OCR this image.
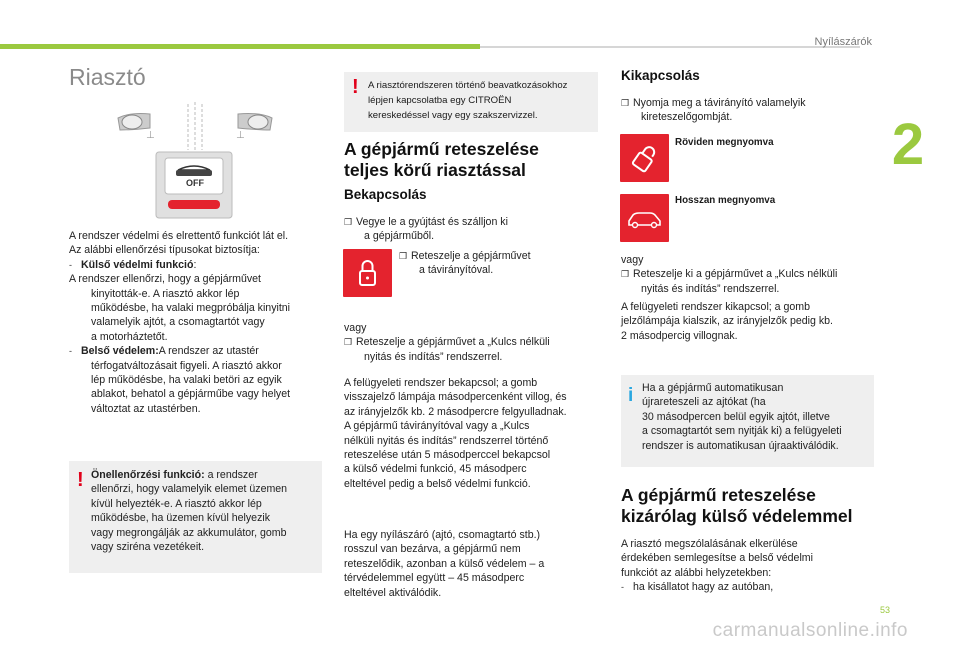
Nyílászárók
2
Riasztó
⊥	⊥
OFF
A rendszer védelmi és elrettentő funkciót lát el.
Az alábbi ellenőrzési típusokat biztosítja:
- Külső védelmi funkció:
A rendszer ellenőrzi, hogy a gépjárművet
kinyitották-e. A riasztó akkor lép
működésbe, ha valaki megpróbálja kinyitni
valamelyik ajtót, a csomagtartót vagy
a motorháztetőt.
- Belső védelem:A rendszer az utastér
térfogatváltozásait figyeli. A riasztó akkor
lép működésbe, ha valaki betöri az egyik
ablakot, behatol a gépjárműbe vagy helyet
változtat az utastérben.
! Önellenőrzési funkció: a rendszer
ellenőrzi, hogy valamelyik elemet üzemen
kívül helyezték-e. A riasztó akkor lép
működésbe, ha üzemen kívül helyezik
vagy megrongálják az akkumulátor, gomb
vagy sziréna vezetékeit.
! A riasztórendszeren történő beavatkozásokhoz
lépjen kapcsolatba egy CITROËN
kereskedéssel vagy egy szakszervizzel.
A gépjármű reteszelése
teljes körű riasztással
Bekapcsolás
❒ Vegye le a gyújtást és szálljon ki
a gépjárműből.
❒ Reteszelje a gépjárművet
a távirányítóval.
vagy
❒ Reteszelje a gépjárművet a „Kulcs nélküli
nyitás és indítás” rendszerrel.
A felügyeleti rendszer bekapcsol; a gomb
visszajelző lámpája másodpercenként villog, és
az irányjelzők kb. 2 másodpercre felgyulladnak.
A gépjármű távirányítóval vagy a „Kulcs
nélküli nyitás és indítás” rendszerrel történő
reteszelése után 5 másodperccel bekapcsol
a külső védelmi funkció, 45 másodperc
elteltével pedig a belső védelmi funkció.
Ha egy nyílászáró (ajtó, csomagtartó stb.)
rosszul van bezárva, a gépjármű nem
reteszelődik, azonban a külső védelem – a
térvédelemmel együtt – 45 másodperc
elteltével aktiválódik.
Kikapcsolás
❒ Nyomja meg a távirányító valamelyik
kireteszelőgombját.
Röviden megnyomva
Hosszan megnyomva
vagy
❒ Reteszelje ki a gépjárművet a „Kulcs nélküli
nyitás és indítás” rendszerrel.
A felügyeleti rendszer kikapcsol; a gomb
jelzőlámpája kialszik, az irányjelzők pedig kb.
2 másodpercig villognak.
i Ha a gépjármű automatikusan
újrareteszeli az ajtókat (ha
30 másodpercen belül egyik ajtót, illetve
a csomagtartót sem nyitják ki) a felügyeleti
rendszer is automatikusan újraaktiválódik.
A gépjármű reteszelése
kizárólag külső védelemmel
A riasztó megszólalásának elkerülése
érdekében semlegesítse a belső védelmi
funkciót az alábbi helyzetekben:
- ha kisállatot hagy az autóban,
53
carmanualsonline.info
